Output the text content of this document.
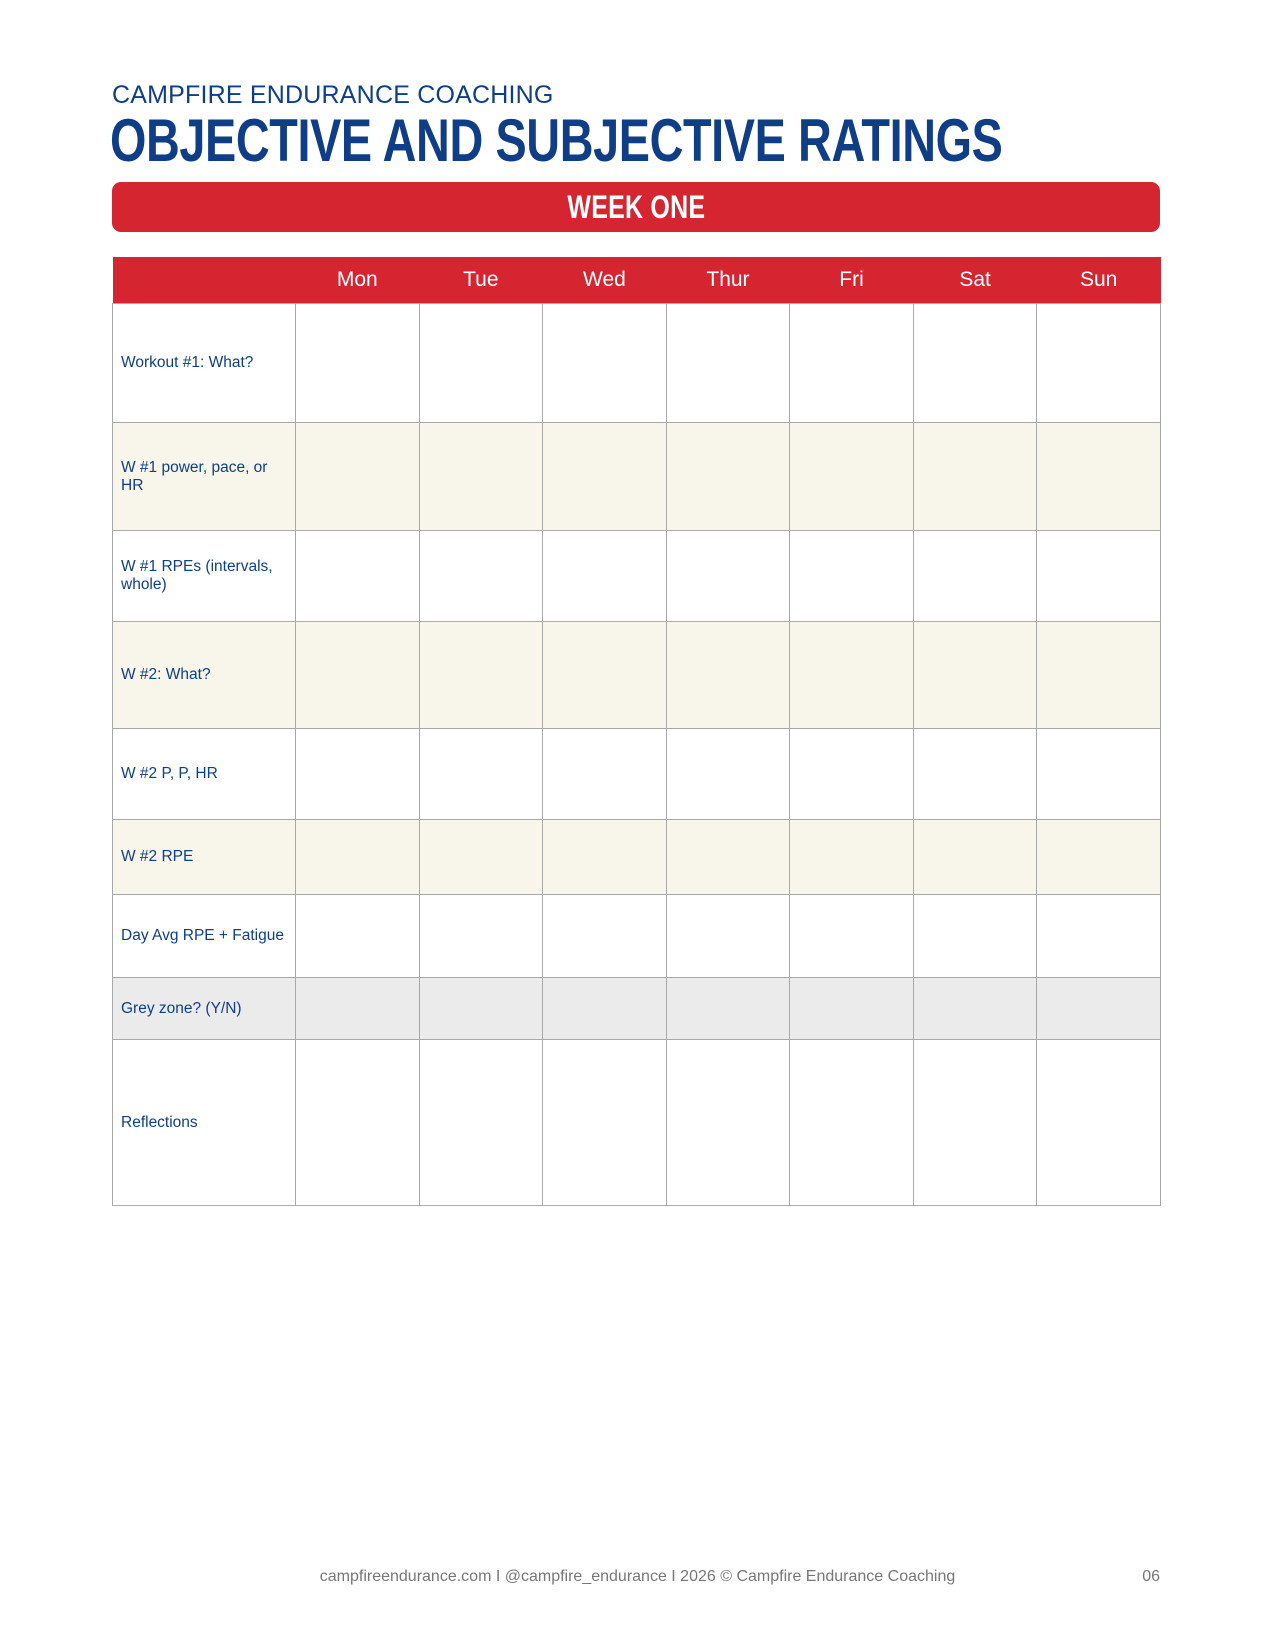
CAMPFIRE ENDURANCE COACHING
OBJECTIVE AND SUBJECTIVE RATINGS
WEEK ONE
	Mon	Tue	Wed	Thur	Fri	Sat	Sun
Workout #1: What?							
W #1 power, pace, or HR							
W #1 RPEs (intervals, whole)							
W #2: What?							
W #2 P, P, HR							
W #2 RPE							
Day Avg RPE + Fatigue							
Grey zone? (Y/N)							
Reflections							
campfireendurance.com I @campfire_endurance I 2026 © Campfire Endurance Coaching	06
